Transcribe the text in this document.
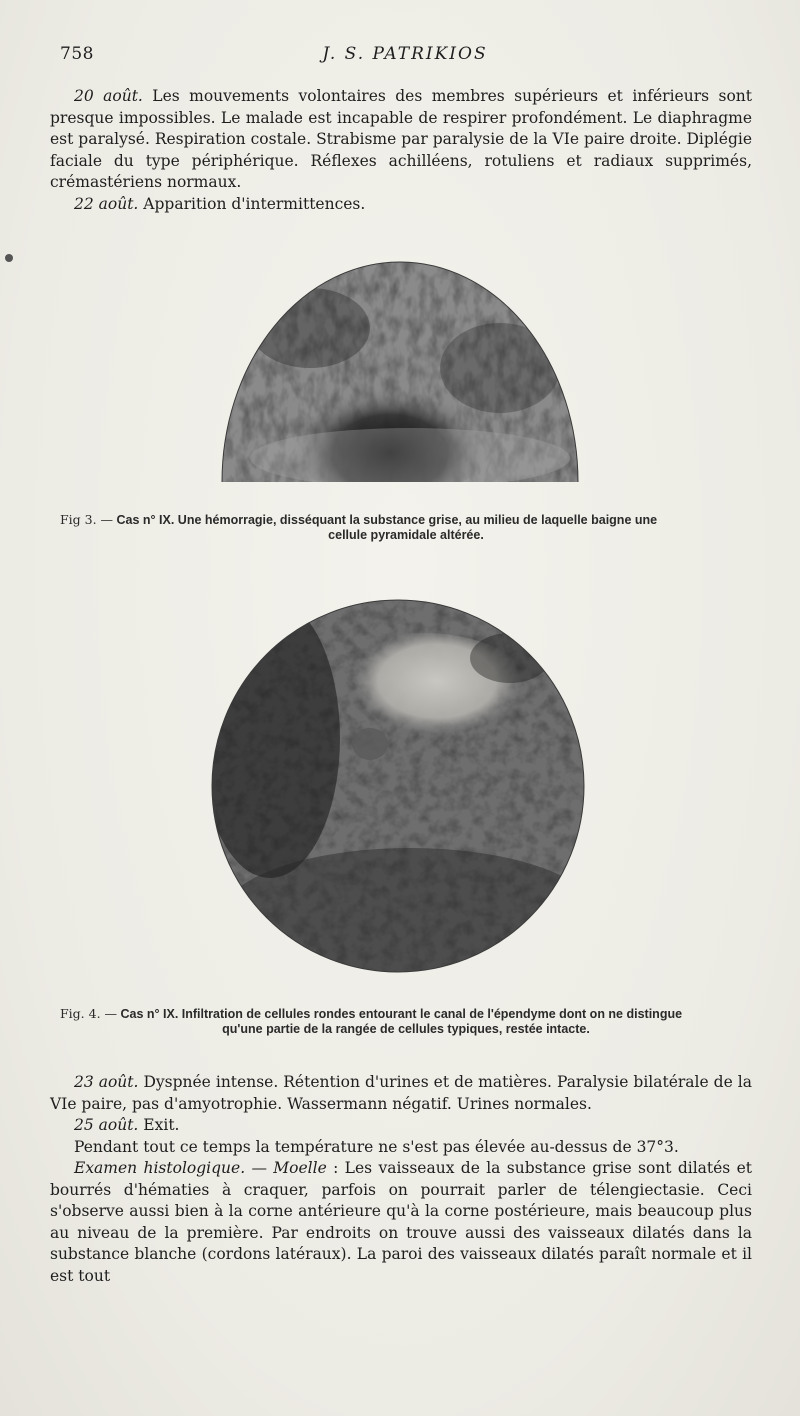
758	J. S. PATRIKIOS

20 août. Les mouvements volontaires des membres supérieurs et inférieurs sont presque impossibles. Le malade est incapable de respirer profondément. Le diaphragme est paralysé. Respiration costale. Strabisme par paralysie de la VIe paire droite. Diplégie faciale du type périphérique. Réflexes achilléens, rotuliens et radiaux supprimés, crémastériens normaux.

22 août. Apparition d'intermittences.

Fig 3. — Cas n° IX. Une hémorragie, disséquant la substance grise, au milieu de laquelle baigne une
cellule pyramidale altérée.
Fig. 4. — Cas n° IX. Infiltration de cellules rondes entourant le canal de l'épendyme dont on ne distingue
qu'une partie de la rangée de cellules typiques, restée intacte.

23 août. Dyspnée intense. Rétention d'urines et de matières. Paralysie bilatérale de la VIe paire, pas d'amyotrophie. Wassermann négatif. Urines normales.

25 août. Exit.

Pendant tout ce temps la température ne s'est pas élevée au-dessus de 37°3.

Examen histologique. — Moelle : Les vaisseaux de la substance grise sont dilatés et bourrés d'hématies à craquer, parfois on pourrait parler de télengiectasie. Ceci s'observe aussi bien à la corne antérieure qu'à la corne postérieure, mais beaucoup plus au niveau de la première. Par endroits on trouve aussi des vaisseaux dilatés dans la substance blanche (cordons latéraux). La paroi des vaisseaux dilatés paraît normale et il est tout
